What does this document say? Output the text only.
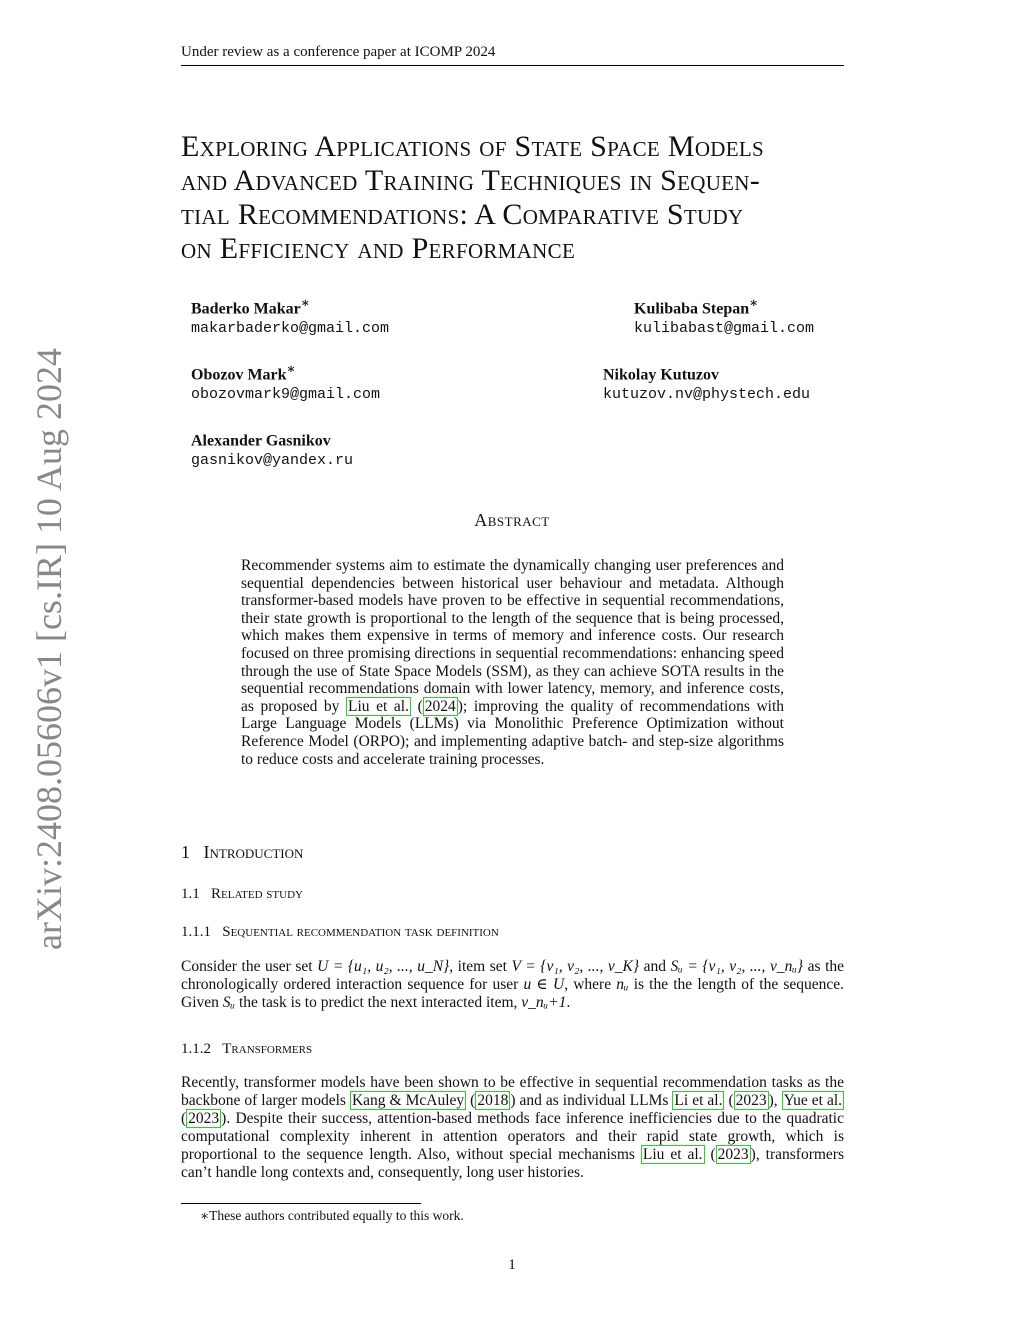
arXiv:2408.05606v1 [cs.IR] 10 Aug 2024
Under review as a conference paper at ICOMP 2024
Exploring Applications of State Space Models
and Advanced Training Techniques in Sequen-
tial Recommendations: A Comparative Study
on Efficiency and Performance
Baderko Makar∗
makarbaderko@gmail.com
Kulibaba Stepan∗
kulibabast@gmail.com
Obozov Mark∗
obozovmark9@gmail.com
Nikolay Kutuzov
kutuzov.nv@phystech.edu
Alexander Gasnikov
gasnikov@yandex.ru
Abstract
Recommender systems aim to estimate the dynamically changing user preferences and sequential dependencies between historical user behaviour and metadata. Although transformer-based models have proven to be effective in sequential recommendations, their state growth is proportional to the length of the sequence that is being processed, which makes them expensive in terms of memory and inference costs. Our research focused on three promising directions in sequential recommendations: enhancing speed through the use of State Space Models (SSM), as they can achieve SOTA results in the sequential recommendations domain with lower latency, memory, and inference costs, as proposed by Liu et al. ( 2024 ); improving the quality of recommendations with Large Language Models (LLMs) via Monolithic Preference Optimization without Reference Model (ORPO); and implementing adaptive batch- and step-size algorithms to reduce costs and accelerate training processes.
1 Introduction
1.1 Related study
1.1.1 Sequential recommendation task definition
Consider the user set U = {u₁, u₂, ..., u_N}, item set V = {v₁, v₂, ..., v_K} and Sᵤ = {v₁, v₂, ..., v_nᵤ} as the chronologically ordered interaction sequence for user u ∈ U, where nᵤ is the the length of the sequence. Given Sᵤ the task is to predict the next interacted item, v_nᵤ+1.
1.1.2 Transformers
Recently, transformer models have been shown to be effective in sequential recommendation tasks as the backbone of larger models Kang & McAuley ( 2018 ) and as individual LLMs Li et al. ( 2023 ), Yue et al. ( 2023 ). Despite their success, attention-based methods face inference inefficiencies due to the quadratic computational complexity inherent in attention operators and their rapid state growth, which is proportional to the sequence length. Also, without special mechanisms Liu et al. ( 2023 ), transformers can’t handle long contexts and, consequently, long user histories.
∗These authors contributed equally to this work.
1
